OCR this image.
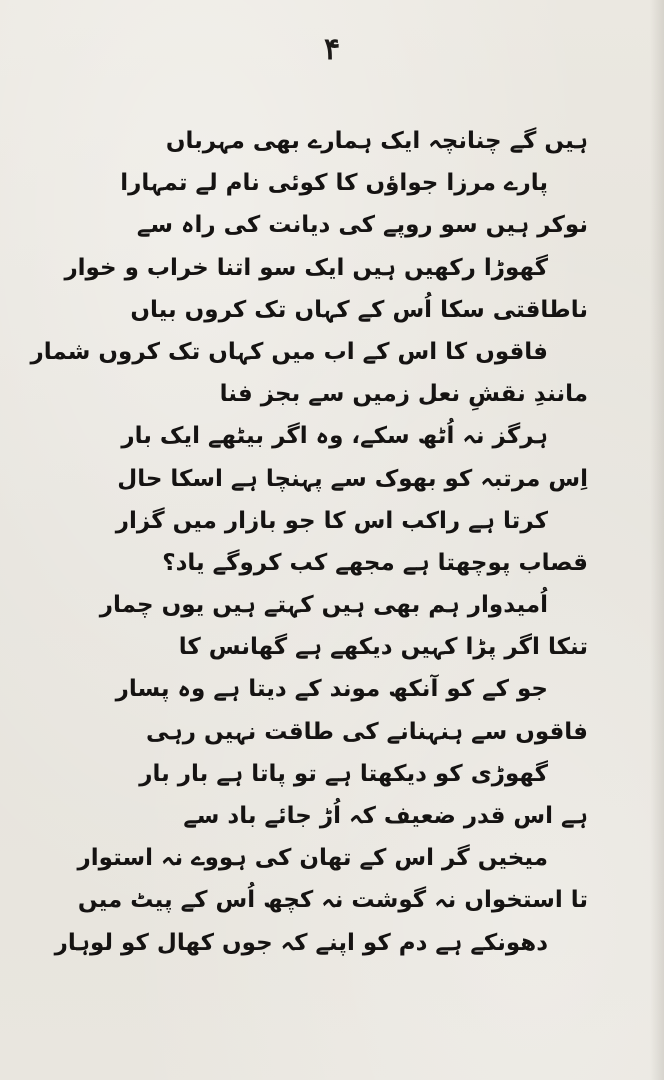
۴
ہیں گے چنانچہ ایک ہمارے بھی مہرباں
پارے مرزا جواؤں کا کوئی نام لے تمہارا
نوکر ہیں سو روپے کی دیانت کی راہ سے
گھوڑا رکھیں ہیں ایک سو اتنا خراب و خوار
ناطاقتی سکا اُس کے کہاں تک کروں بیاں
فاقوں کا اس کے اب میں کہاں تک کروں شمار
مانندِ نقشِ نعل زمیں سے بجز فنا
ہرگز نہ اُٹھ سکے، وہ اگر بیٹھے ایک بار
اِس مرتبہ کو بھوک سے پہنچا ہے اسکا حال
کرتا ہے راکب اس کا جو بازار میں گزار
قصاب پوچھتا ہے مجھے کب کروگے یاد؟
اُمیدوار ہم بھی ہیں کہتے ہیں یوں چمار
تنکا اگر پڑا کہیں دیکھے ہے گھانس کا
جو کے کو آنکھ موند کے دیتا ہے وہ پسار
فاقوں سے ہنہنانے کی طاقت نہیں رہی
گھوڑی کو دیکھتا ہے تو پاتا ہے بار بار
ہے اس قدر ضعیف کہ اُڑ جائے باد سے
میخیں گر اس کے تھان کی ہووے نہ استوار
تا استخواں نہ گوشت نہ کچھ اُس کے پیٹ میں
دھونکے ہے دم کو اپنے کہ جوں کھال کو لوہار
